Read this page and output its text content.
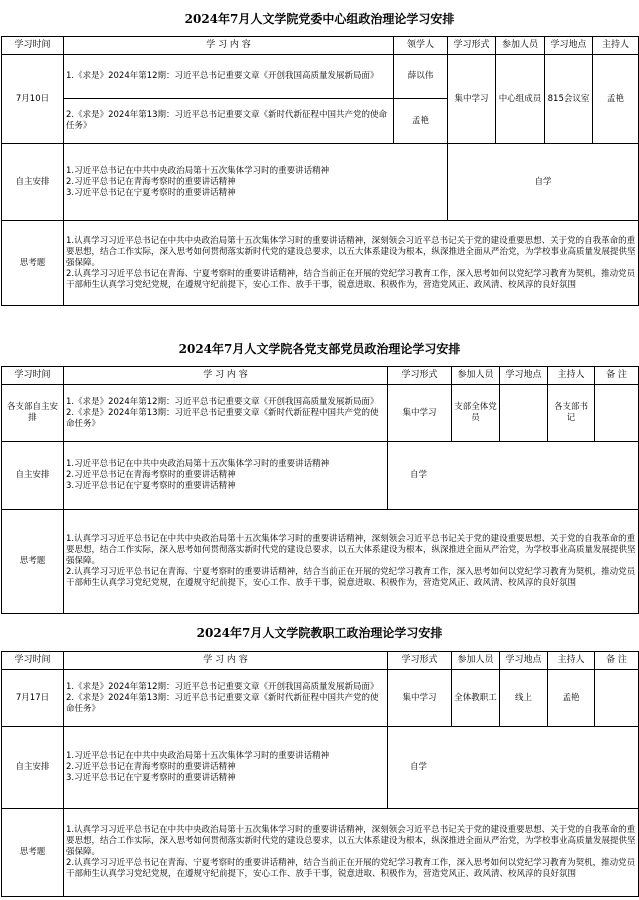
2024年7月人文学院党委中心组政治理论学习安排
学习时间	学 习 内 容	领学人	学习形式	参加人员	学习地点	主持人
7月10日	1.《求是》2024年第12期：习近平总书记重要文章《开创我国高质量发展新局面》	薛以伟	集中学习	中心组成员	815会议室	孟艳
	2.《求是》2024年第13期：习近平总书记重要文章《新时代新征程中国共产党的使命任务》	孟艳				
自主安排	1.习近平总书记在中共中央政治局第十五次集体学习时的重要讲话精神
2.习近平总书记在青海考察时的重要讲话精神
3.习近平总书记在宁夏考察时的重要讲话精神		自学			
思考题	1.认真学习习近平总书记在中共中央政治局第十五次集体学习时的重要讲话精神，深刻领会习近平总书记关于党的建设重要思想、关于党的自我革命的重要思想，结合工作实际，深入思考如何贯彻落实新时代党的建设总要求，以五大体系建设为根本，纵深推进全面从严治党，为学校事业高质量发展提供坚强保障。
2.认真学习习近平总书记在青海、宁夏考察时的重要讲话精神，结合当前正在开展的党纪学习教育工作，深入思考如何以党纪学习教育为契机，推动党员干部师生认真学习党纪党规，在遵规守纪前提下，安心工作、放手干事，锐意进取、积极作为，营造党风正、政风清、校风淳的良好氛围					
2024年7月人文学院各党支部党员政治理论学习安排
学习时间	学 习 内 容	学习形式	参加人员	学习地点	主持人	备 注
各支部自主安排	1.《求是》2024年第12期：习近平总书记重要文章《开创我国高质量发展新局面》
2.《求是》2024年第13期：习近平总书记重要文章《新时代新征程中国共产党的使命任务》	集中学习	支部全体党员		各支部书记	
自主安排	1.习近平总书记在中共中央政治局第十五次集体学习时的重要讲话精神
2.习近平总书记在青海考察时的重要讲话精神
3.习近平总书记在宁夏考察时的重要讲话精神	自学				
思考题	1.认真学习习近平总书记在中共中央政治局第十五次集体学习时的重要讲话精神，深刻领会习近平总书记关于党的建设重要思想、关于党的自我革命的重要思想，结合工作实际，深入思考如何贯彻落实新时代党的建设总要求，以五大体系建设为根本，纵深推进全面从严治党，为学校事业高质量发展提供坚强保障。
2.认真学习习近平总书记在青海、宁夏考察时的重要讲话精神，结合当前正在开展的党纪学习教育工作，深入思考如何以党纪学习教育为契机，推动党员干部师生认真学习党纪党规，在遵规守纪前提下，安心工作、放手干事，锐意进取、积极作为，营造党风正、政风清、校风淳的良好氛围					
2024年7月人文学院教职工政治理论学习安排
学习时间	学 习 内 容	学习形式	参加人员	学习地点	主持人	备 注
7月17日	1.《求是》2024年第12期：习近平总书记重要文章《开创我国高质量发展新局面》
2.《求是》2024年第13期：习近平总书记重要文章《新时代新征程中国共产党的使命任务》	集中学习	全体教职工	线上	孟艳	
自主安排	1.习近平总书记在中共中央政治局第十五次集体学习时的重要讲话精神
2.习近平总书记在青海考察时的重要讲话精神
3.习近平总书记在宁夏考察时的重要讲话精神	自学				
思考题	1.认真学习习近平总书记在中共中央政治局第十五次集体学习时的重要讲话精神，深刻领会习近平总书记关于党的建设重要思想、关于党的自我革命的重要思想，结合工作实际，深入思考如何贯彻落实新时代党的建设总要求，以五大体系建设为根本，纵深推进全面从严治党，为学校事业高质量发展提供坚强保障。
2.认真学习习近平总书记在青海、宁夏考察时的重要讲话精神，结合当前正在开展的党纪学习教育工作，深入思考如何以党纪学习教育为契机，推动党员干部师生认真学习党纪党规，在遵规守纪前提下，安心工作、放手干事，锐意进取、积极作为，营造党风正、政风清、校风淳的良好氛围					
